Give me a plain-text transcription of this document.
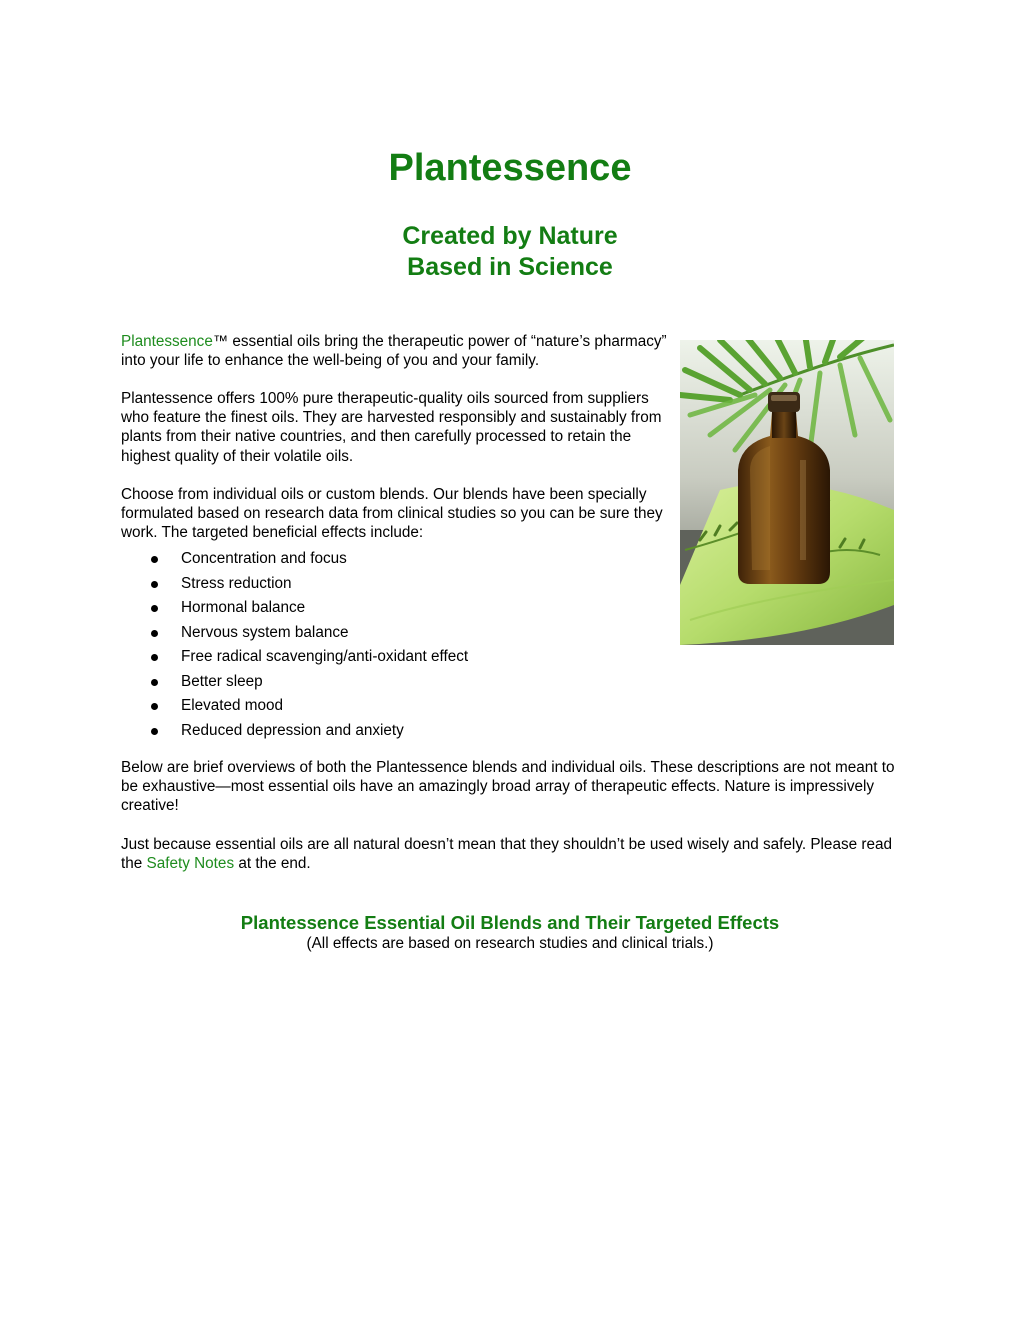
Plantessence
Created by Nature
Based in Science

Plantessence™ essential oils bring the therapeutic power of “nature’s pharmacy” into your life to enhance the well-being of you and your family.

Plantessence offers 100% pure therapeutic-quality oils sourced from suppliers who feature the finest oils. They are harvested responsibly and sustainably from plants from their native countries, and then carefully processed to retain the highest quality of their volatile oils.

Choose from individual oils or custom blends. Our blends have been specially formulated based on research data from clinical studies so you can be sure they work. The targeted beneficial effects include:

Concentration and focus
Stress reduction
Hormonal balance
Nervous system balance
Free radical scavenging/anti-oxidant effect
Better sleep
Elevated mood
Reduced depression and anxiety

Below are brief overviews of both the Plantessence blends and individual oils. These descriptions are not meant to be exhaustive—most essential oils have an amazingly broad array of therapeutic effects. Nature is impressively creative!

Just because essential oils are all natural doesn’t mean that they shouldn’t be used wisely and safely. Please read the Safety Notes at the end.

Plantessence Essential Oil Blends and Their Targeted Effects

(All effects are based on research studies and clinical trials.)
